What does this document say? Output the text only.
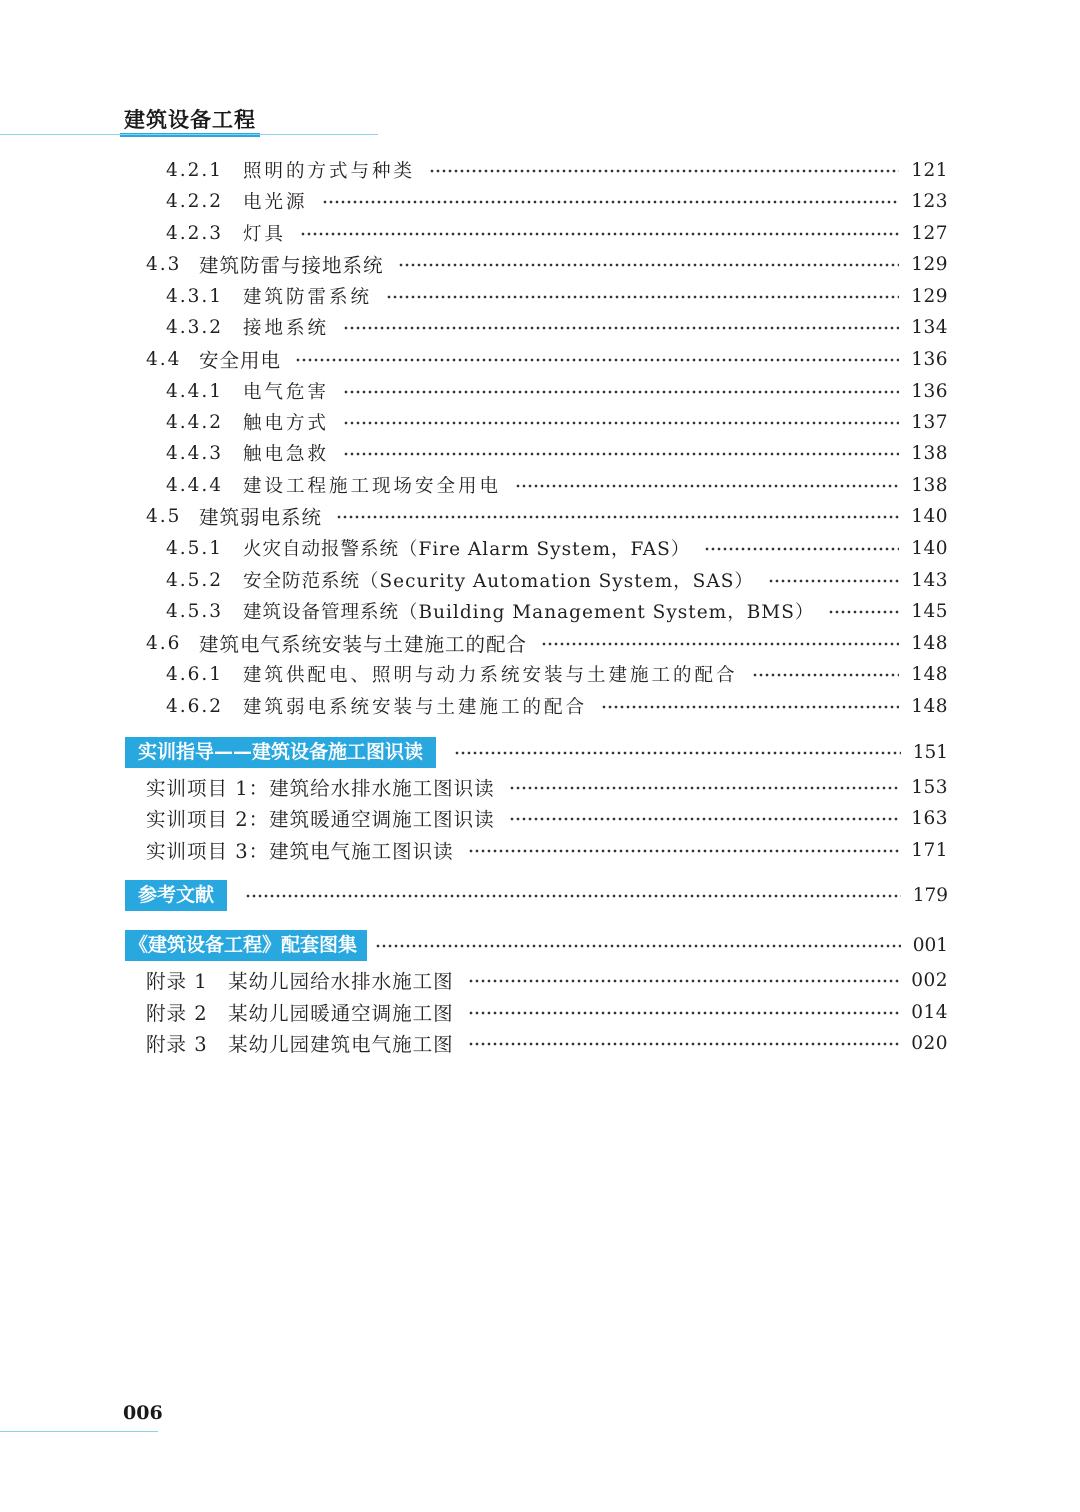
建筑设备工程
4.2.1	照明的方式与种类	121
4.2.2	电光源	123
4.2.3	灯具	127
4.3 建筑防雷与接地系统	129
4.3.1	建筑防雷系统	129
4.3.2	接地系统	134
4.4 安全用电	136
4.4.1	电气危害	136
4.4.2	触电方式	137
4.4.3	触电急救	138
4.4.4	建设工程施工现场安全用电	138
4.5 建筑弱电系统	140
4.5.1	火灾自动报警系统（Fire Alarm System，FAS）	140
4.5.2	安全防范系统（Security Automation System，SAS）	143
4.5.3	建筑设备管理系统（Building Management System，BMS）	145
4.6 建筑电气系统安装与土建施工的配合	148
4.6.1	建筑供配电、照明与动力系统安装与土建施工的配合	148
4.6.2	建筑弱电系统安装与土建施工的配合	148
实训指导——建筑设备施工图识读	151
实训项目 1：建筑给水排水施工图识读	153
实训项目 2：建筑暖通空调施工图识读	163
实训项目 3：建筑电气施工图识读	171
参考文献	179
《建筑设备工程》配套图集	001
附录 1　某幼儿园给水排水施工图	002
附录 2　某幼儿园暖通空调施工图	014
附录 3　某幼儿园建筑电气施工图	020
006
